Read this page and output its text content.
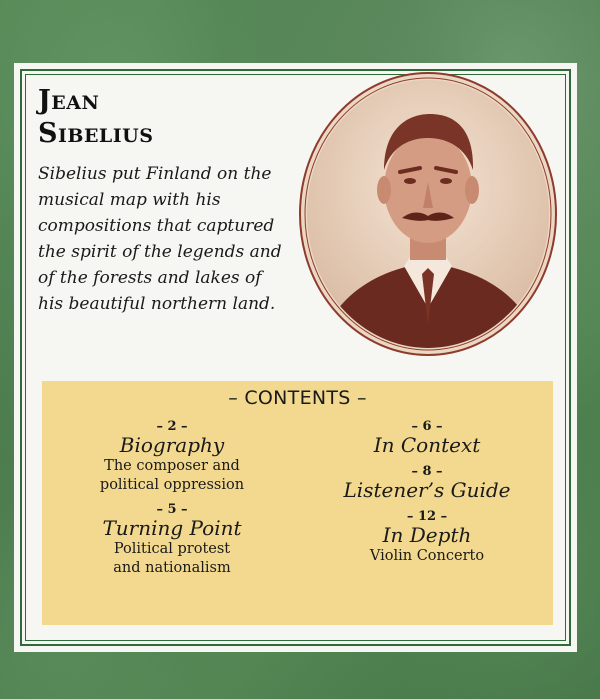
Jean
Sibelius

Sibelius put Finland on the musical map with his compositions that captured the spirit of the legends and of the forests and lakes of his beautiful northern land.

– CONTENTS –
– 2 –
Biography
The composer and
political oppression
– 5 –
Turning Point
Political protest
and nationalism
– 6 –
In Context
– 8 –
Listener’s Guide
– 12 –
In Depth
Violin Concerto
